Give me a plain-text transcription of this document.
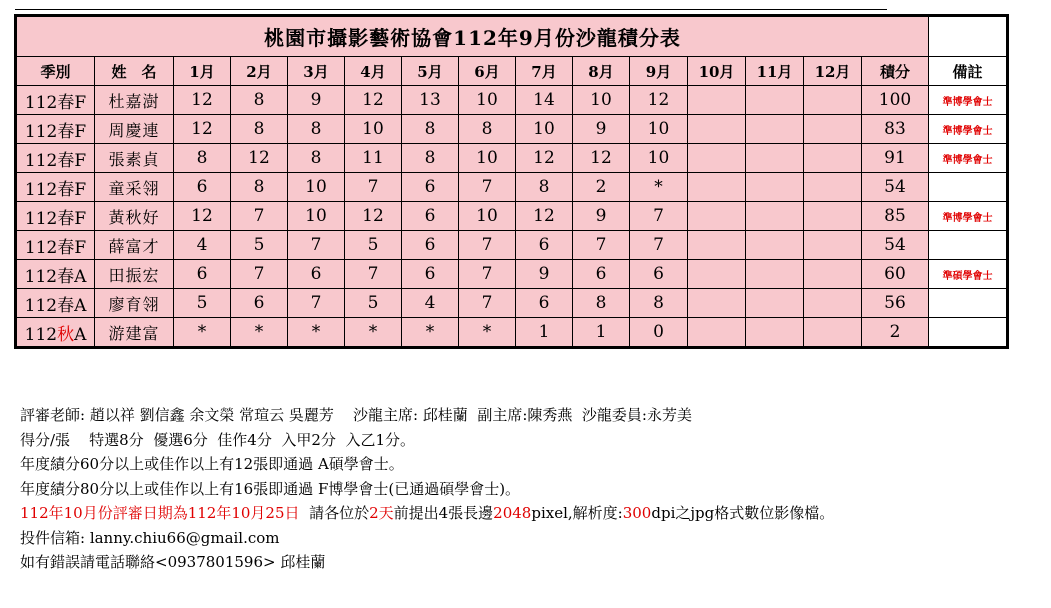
桃園市攝影藝術協會112年9月份沙龍積分表															
季別	姓　名	1月	2月	3月	4月	5月	6月	7月	8月	9月	10月	11月	12月	積分	備註
112春F	杜嘉澍	12	8	9	12	13	10	14	10	12				100	準博學會士
112春F	周慶連	12	8	8	10	8	8	10	9	10				83	準博學會士
112春F	張素貞	8	12	8	11	8	10	12	12	10				91	準博學會士
112春F	童采翎	6	8	10	7	6	7	8	2	*				54	
112春F	黃秋好	12	7	10	12	6	10	12	9	7				85	準博學會士
112春F	薛富才	4	5	7	5	6	7	6	7	7				54	
112春A	田振宏	6	7	6	7	6	7	9	6	6				60	準碩學會士
112春A	廖育翎	5	6	7	5	4	7	6	8	8				56	
112秋A	游建富	*	*	*	*	*	*	1	1	0				2	
評審老師: 趙以祥 劉信鑫 余文榮 常瑄云 吳麗芳    沙龍主席: 邱桂蘭  副主席:陳秀燕  沙龍委員:永芳美
得分/張    特選8分  優選6分  佳作4分  入甲2分  入乙1分。
年度績分60分以上或佳作以上有12張即通過 A碩學會士。
年度績分80分以上或佳作以上有16張即通過 F博學會士(已通過碩學會士)。
112年10月份評審日期為112年10月25日  請各位於2天前提出4張長邊2048pixel,解析度:300dpi之jpg格式數位影像檔。
投件信箱: lanny.chiu66@gmail.com
如有錯誤請電話聯絡<0937801596> 邱桂蘭
